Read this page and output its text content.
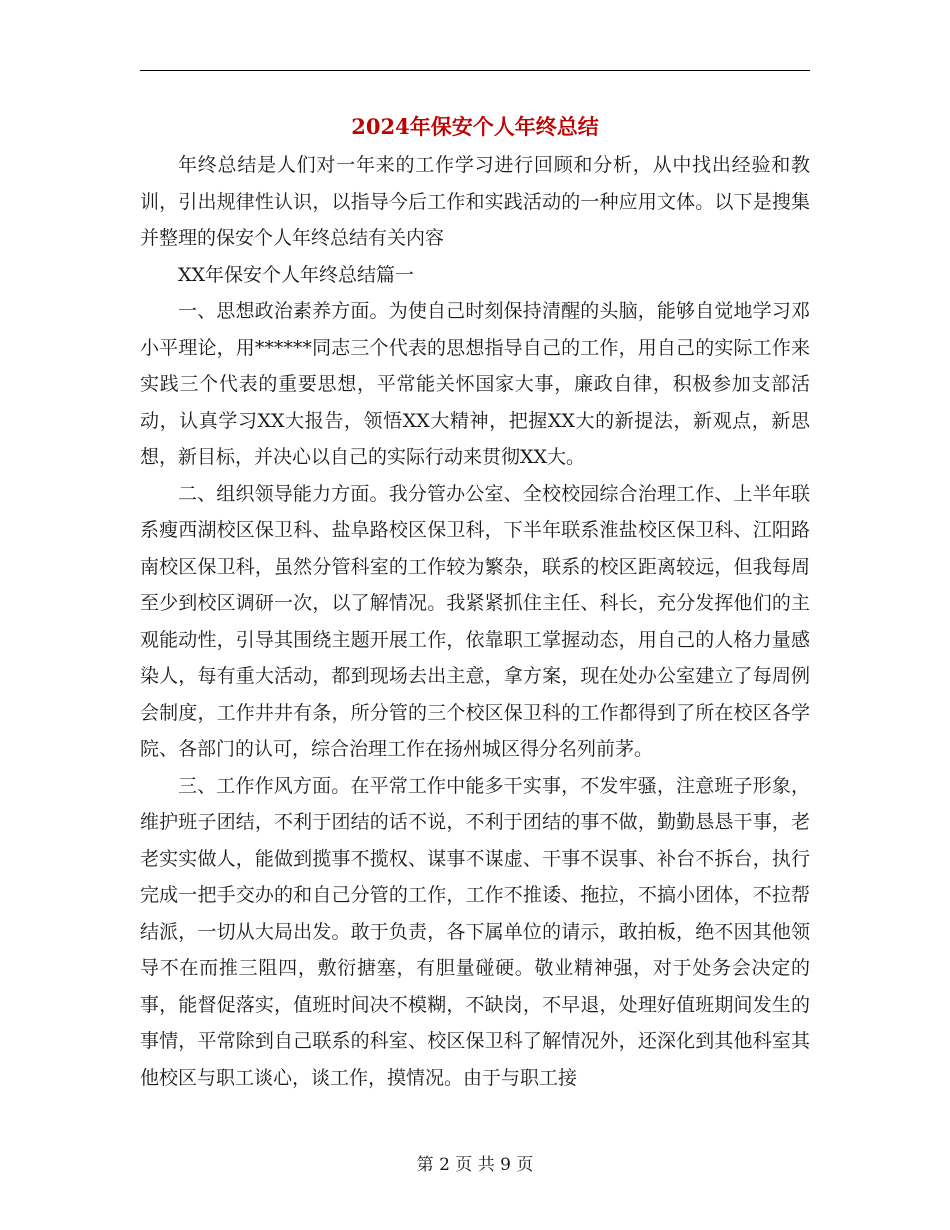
2024年保安个人年终总结

年终总结是人们对一年来的工作学习进行回顾和分析，从中找出经验和教训，引出规律性认识，以指导今后工作和实践活动的一种应用文体。以下是搜集并整理的保安个人年终总结有关内容

XX年保安个人年终总结篇一

一、思想政治素养方面。为使自己时刻保持清醒的头脑，能够自觉地学习邓小平理论，用******同志三个代表的思想指导自己的工作，用自己的实际工作来实践三个代表的重要思想，平常能关怀国家大事，廉政自律，积极参加支部活动，认真学习XX大报告，领悟XX大精神，把握XX大的新提法，新观点，新思想，新目标，并决心以自己的实际行动来贯彻XX大。

二、组织领导能力方面。我分管办公室、全校校园综合治理工作、上半年联系瘦西湖校区保卫科、盐阜路校区保卫科，下半年联系淮盐校区保卫科、江阳路南校区保卫科，虽然分管科室的工作较为繁杂，联系的校区距离较远，但我每周至少到校区调研一次，以了解情况。我紧紧抓住主任、科长，充分发挥他们的主观能动性，引导其围绕主题开展工作，依靠职工掌握动态，用自己的人格力量感染人，每有重大活动，都到现场去出主意，拿方案，现在处办公室建立了每周例会制度，工作井井有条，所分管的三个校区保卫科的工作都得到了所在校区各学院、各部门的认可，综合治理工作在扬州城区得分名列前茅。

三、工作作风方面。在平常工作中能多干实事，不发牢骚，注意班子形象，维护班子团结，不利于团结的话不说，不利于团结的事不做，勤勤恳恳干事，老老实实做人，能做到揽事不揽权、谋事不谋虚、干事不误事、补台不拆台，执行完成一把手交办的和自己分管的工作，工作不推诿、拖拉，不搞小团体，不拉帮结派，一切从大局出发。敢于负责，各下属单位的请示，敢拍板，绝不因其他领导不在而推三阻四，敷衍搪塞，有胆量碰硬。敬业精神强，对于处务会决定的事，能督促落实，值班时间决不模糊，不缺岗，不早退，处理好值班期间发生的事情，平常除到自己联系的科室、校区保卫科了解情况外，还深化到其他科室其他校区与职工谈心，谈工作，摸情况。由于与职工接

第 2 页 共 9 页
